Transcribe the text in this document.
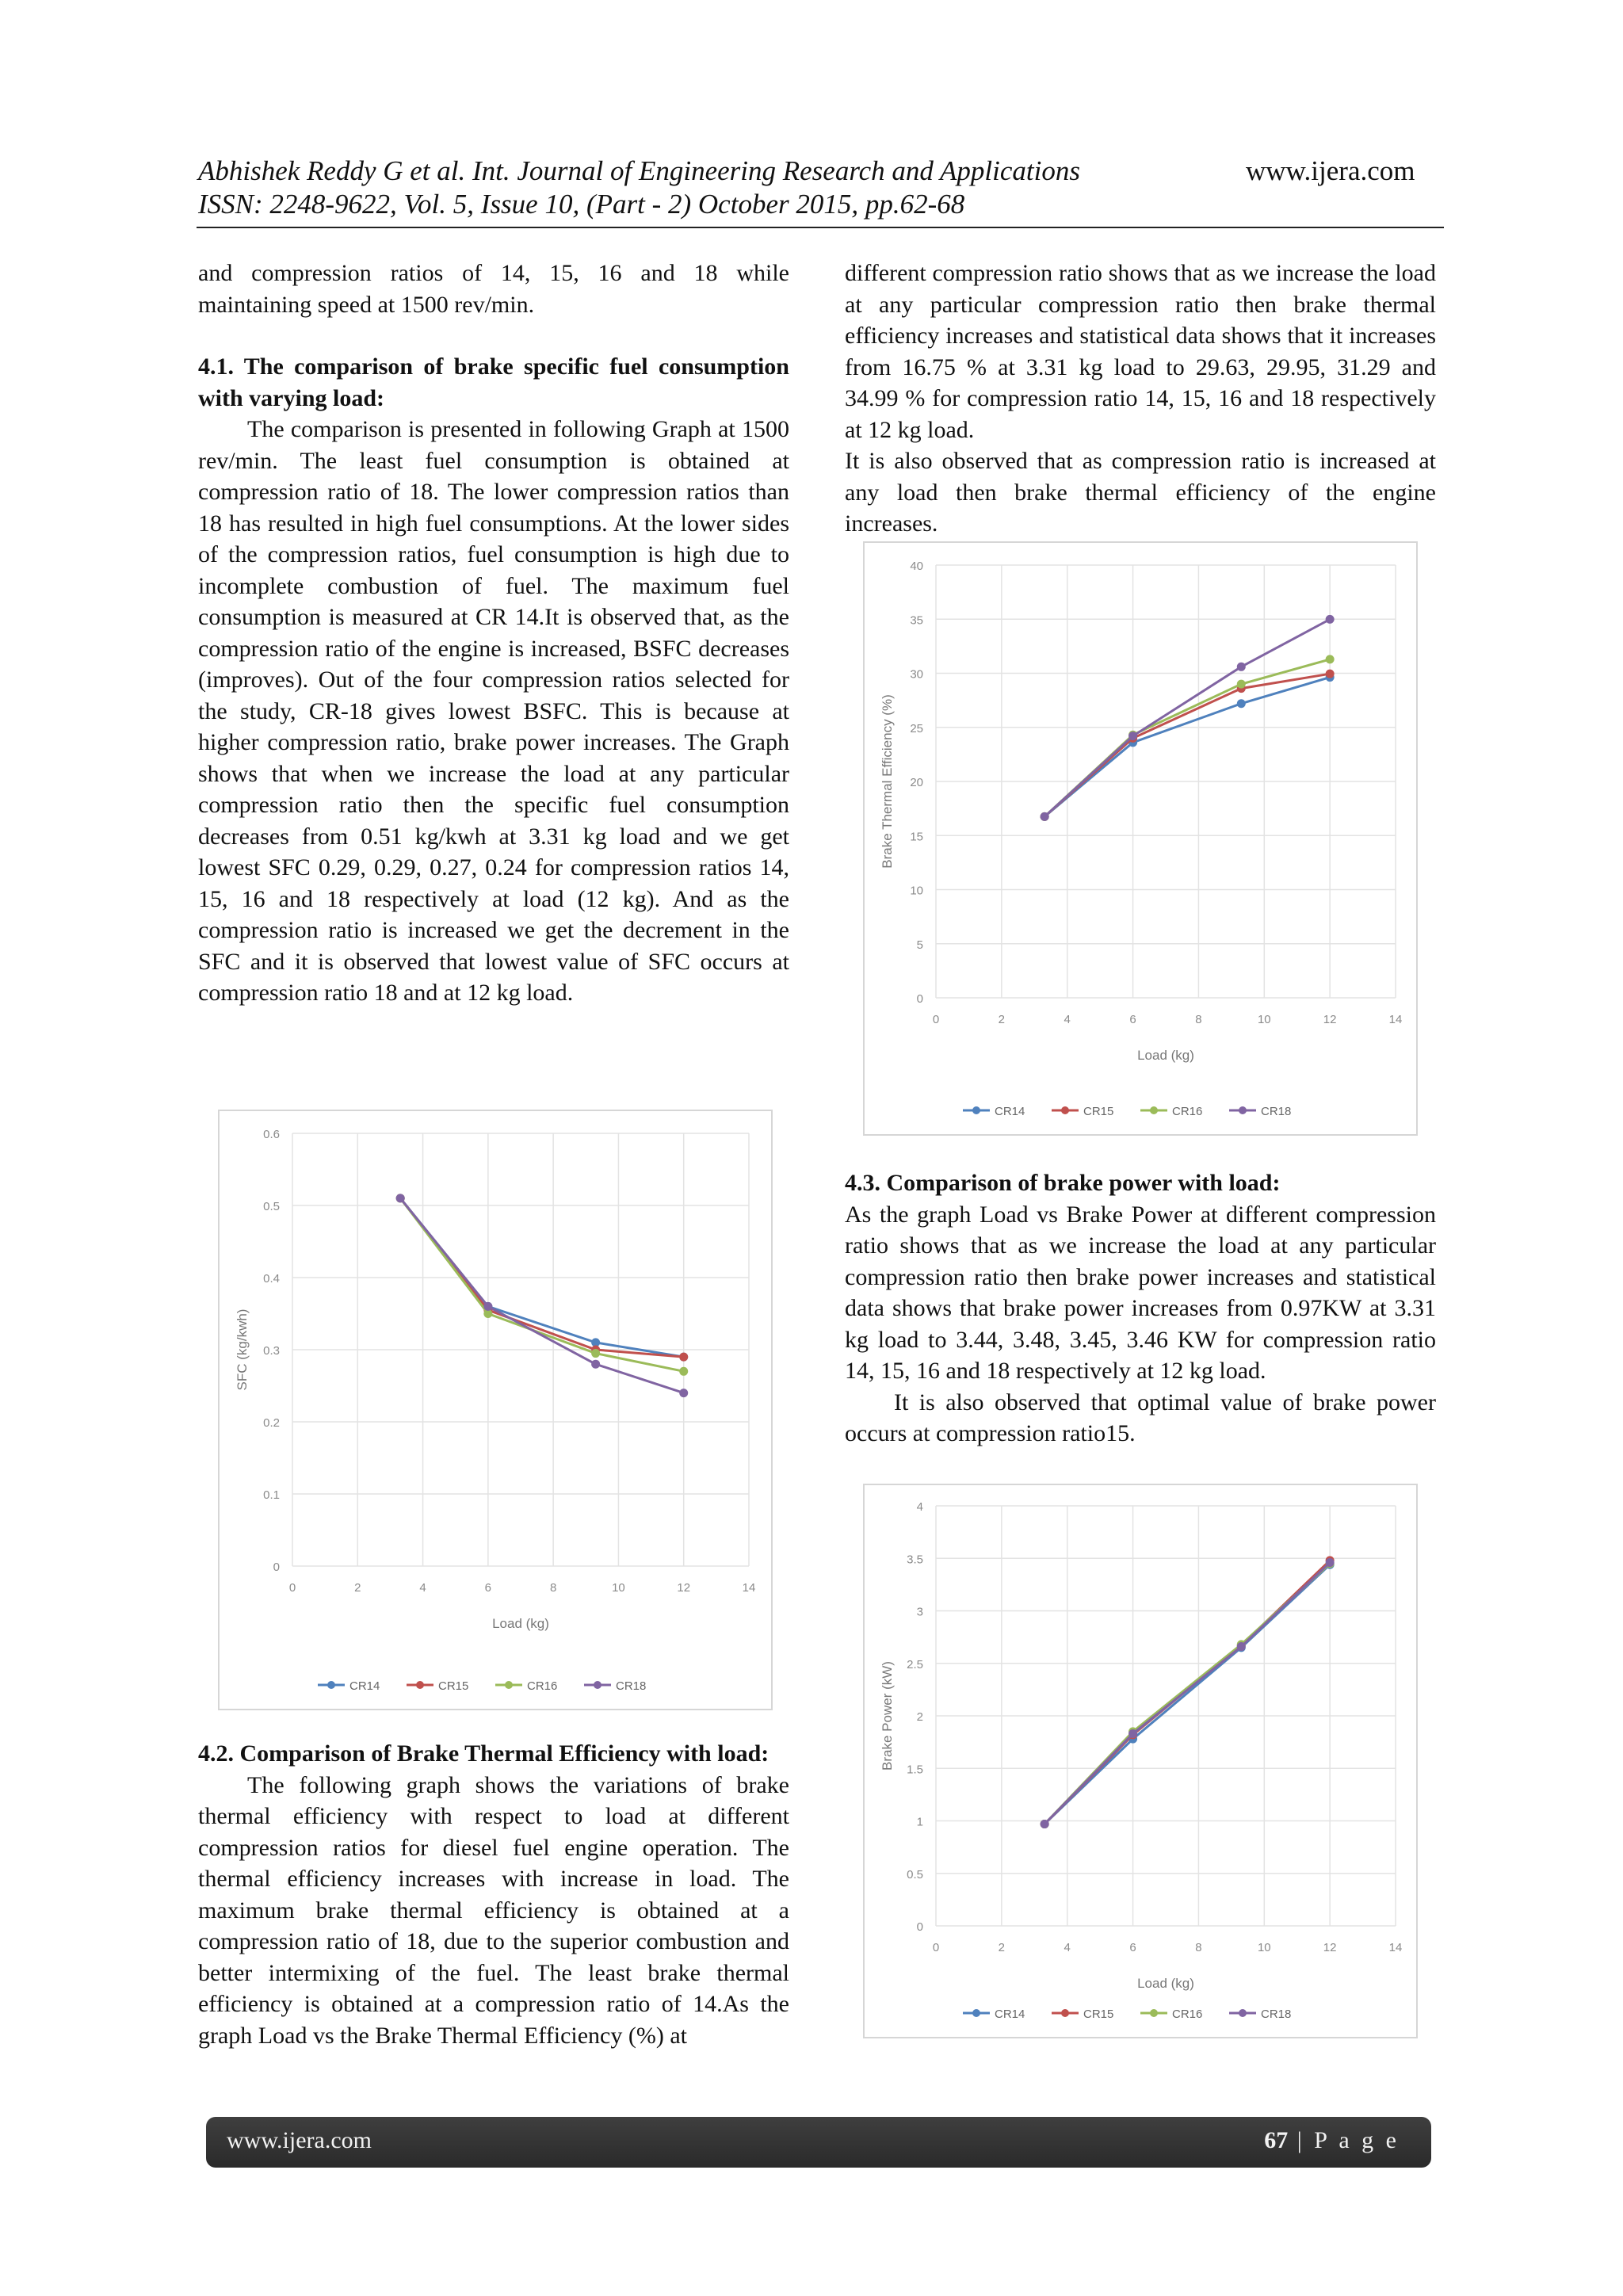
Abhishek Reddy G et al. Int. Journal of Engineering Research and Applications	www.ijera.com
ISSN: 2248-9622, Vol. 5, Issue 10, (Part - 2) October 2015, pp.62-68

and compression ratios of 14, 15, 16 and 18 while maintaining speed at 1500 rev/min.

4.1. The comparison of brake specific fuel consumption with varying load:

The comparison is presented in following Graph at 1500 rev/min. The least fuel consumption is obtained at compression ratio of 18. The lower compression ratios than 18 has resulted in high fuel consumptions. At the lower sides of the compression ratios, fuel consumption is high due to incomplete combustion of fuel. The maximum fuel consumption is measured at CR 14.It is observed that, as the compression ratio of the engine is increased, BSFC decreases (improves). Out of the four compression ratios selected for the study, CR-18 gives lowest BSFC. This is because at higher compression ratio, brake power increases. The Graph shows that when we increase the load at any particular compression ratio then the specific fuel consumption decreases from 0.51 kg/kwh at 3.31 kg load and we get lowest SFC 0.29, 0.29, 0.27, 0.24 for compression ratios 14, 15, 16 and 18 respectively at load (12 kg). And as the compression ratio is increased we get the decrement in the SFC and it is observed that lowest value of SFC occurs at compression ratio 18 and at 12 kg load.

0
0.1
0.2
0.3
0.4
0.5
0.6
0	2	4	6	8	10	12	14
Load (kg)
SFC (kg/kwh)
CR14	CR15	CR16	CR18
4.2. Comparison of Brake Thermal Efficiency with load:

The following graph shows the variations of brake thermal efficiency with respect to load at different compression ratios for diesel fuel engine operation. The thermal efficiency increases with increase in load. The maximum brake thermal efficiency is obtained at a compression ratio of 18, due to the superior combustion and better intermixing of the fuel. The least brake thermal efficiency is obtained at a compression ratio of 14.As the graph Load vs the Brake Thermal Efficiency (%) at

different compression ratio shows that as we increase the load at any particular compression ratio then brake thermal efficiency increases and statistical data shows that it increases from 16.75 % at 3.31 kg load to 29.63, 29.95, 31.29 and 34.99 % for compression ratio 14, 15, 16 and 18 respectively at 12 kg load.

It is also observed that as compression ratio is increased at any load then brake thermal efficiency of the engine increases.

0
5
10
15
20
25
30
35
40
0	2	4	6	8	10	12	14
Load (kg)
Brake Thermal Efficiency (%)
CR14	CR15	CR16	CR18
4.3. Comparison of brake power with load:

As the graph Load vs Brake Power at different compression ratio shows that as we increase the load at any particular compression ratio then brake power increases and statistical data shows that brake power increases from 0.97KW at 3.31 kg load to 3.44, 3.48, 3.45, 3.46 KW for compression ratio 14, 15, 16 and 18 respectively at 12 kg load.

It is also observed that optimal value of brake power occurs at compression ratio15.

0
0.5
1
1.5
2
2.5
3
3.5
4
0	2	4	6	8	10	12	14
Load (kg)
Brake Power (kW)
CR14	CR15	CR16	CR18
www.ijera.com	67 | P a g e
